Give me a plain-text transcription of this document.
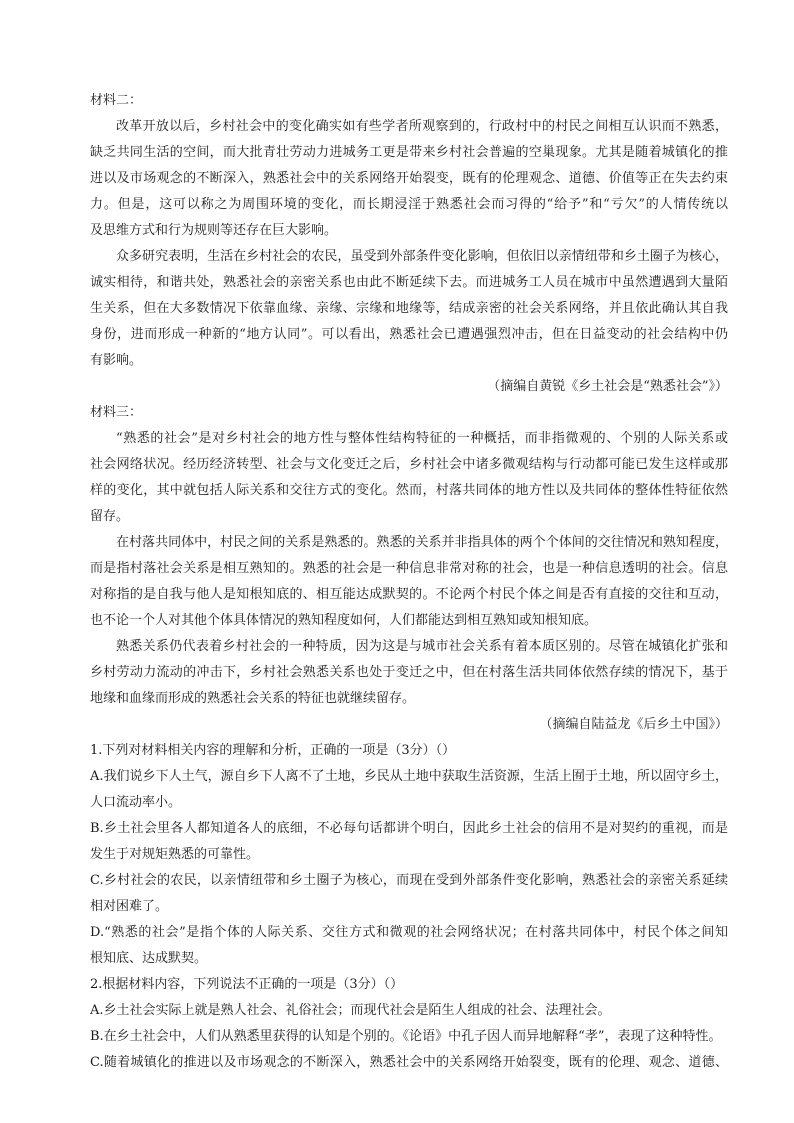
材料二：
改革开放以后，乡村社会中的变化确实如有些学者所观察到的，行政村中的村民之间相互认识而不熟悉，
缺乏共同生活的空间，而大批青壮劳动力进城务工更是带来乡村社会普遍的空巢现象。尤其是随着城镇化的推
进以及市场观念的不断深入，熟悉社会中的关系网络开始裂变，既有的伦理观念、道德、价值等正在失去约束
力。但是，这可以称之为周围环境的变化，而长期浸淫于熟悉社会而习得的“给予”和“亏欠”的人情传统以
及思维方式和行为规则等还存在巨大影响。
众多研究表明，生活在乡村社会的农民，虽受到外部条件变化影响，但依旧以亲情纽带和乡土圈子为核心，
诚实相待，和谐共处，熟悉社会的亲密关系也由此不断延续下去。而进城务工人员在城市中虽然遭遇到大量陌
生关系，但在大多数情况下依靠血缘、亲缘、宗缘和地缘等，结成亲密的社会关系网络，并且依此确认其自我
身份，进而形成一种新的“地方认同”。可以看出，熟悉社会已遭遇强烈冲击，但在日益变动的社会结构中仍
有影响。
（摘编自黄锐《乡土社会是“熟悉社会”》）
材料三：
“熟悉的社会”是对乡村社会的地方性与整体性结构特征的一种概括，而非指微观的、个别的人际关系或
社会网络状况。经历经济转型、社会与文化变迁之后，乡村社会中诸多微观结构与行动都可能已发生这样或那
样的变化，其中就包括人际关系和交往方式的变化。然而，村落共同体的地方性以及共同体的整体性特征依然
留存。
在村落共同体中，村民之间的关系是熟悉的。熟悉的关系并非指具体的两个个体间的交往情况和熟知程度，
而是指村落社会关系是相互熟知的。熟悉的社会是一种信息非常对称的社会，也是一种信息透明的社会。信息
对称指的是自我与他人是知根知底的、相互能达成默契的。不论两个村民个体之间是否有直接的交往和互动，
也不论一个人对其他个体具体情况的熟知程度如何，人们都能达到相互熟知或知根知底。
熟悉关系仍代表着乡村社会的一种特质，因为这是与城市社会关系有着本质区别的。尽管在城镇化扩张和
乡村劳动力流动的冲击下，乡村社会熟悉关系也处于变迁之中，但在村落生活共同体依然存续的情况下，基于
地缘和血缘而形成的熟悉社会关系的特征也就继续留存。
（摘编自陆益龙《后乡土中国》）
1.下列对材料相关内容的理解和分析，正确的一项是（3分）（）
A.我们说乡下人土气，源自乡下人离不了土地，乡民从土地中获取生活资源，生活上囿于土地，所以固守乡土，
人口流动率小。
B.乡土社会里各人都知道各人的底细，不必每句话都讲个明白，因此乡土社会的信用不是对契约的重视，而是
发生于对规矩熟悉的可靠性。
C.乡村社会的农民，以亲情纽带和乡土圈子为核心，而现在受到外部条件变化影响，熟悉社会的亲密关系延续
相对困难了。
D.“熟悉的社会”是指个体的人际关系、交往方式和微观的社会网络状况；在村落共同体中，村民个体之间知
根知底、达成默契。
2.根据材料内容，下列说法不正确的一项是（3分）（）
A.乡土社会实际上就是熟人社会、礼俗社会；而现代社会是陌生人组成的社会、法理社会。
B.在乡土社会中，人们从熟悉里获得的认知是个别的。《论语》中孔子因人而异地解释“孝”，表现了这种特性。
C.随着城镇化的推进以及市场观念的不断深入，熟悉社会中的关系网络开始裂变，既有的伦理、观念、道德、
